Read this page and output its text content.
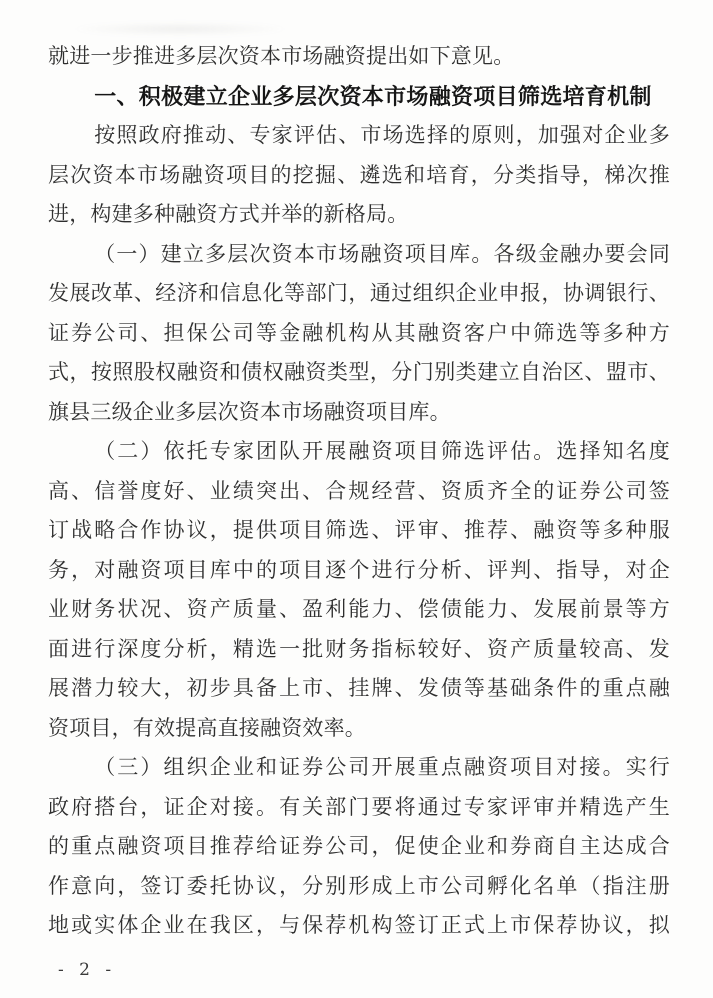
就进一步推进多层次资本市场融资提出如下意见。
一、积极建立企业多层次资本市场融资项目筛选培育机制
按照政府推动、专家评估、市场选择的原则，加强对企业多
层次资本市场融资项目的挖掘、遴选和培育，分类指导，梯次推
进，构建多种融资方式并举的新格局。
（一）建立多层次资本市场融资项目库。各级金融办要会同
发展改革、经济和信息化等部门，通过组织企业申报，协调银行、
证券公司、担保公司等金融机构从其融资客户中筛选等多种方
式，按照股权融资和债权融资类型，分门别类建立自治区、盟市、
旗县三级企业多层次资本市场融资项目库。
（二）依托专家团队开展融资项目筛选评估。选择知名度
高、信誉度好、业绩突出、合规经营、资质齐全的证券公司签
订战略合作协议，提供项目筛选、评审、推荐、融资等多种服
务，对融资项目库中的项目逐个进行分析、评判、指导，对企
业财务状况、资产质量、盈利能力、偿债能力、发展前景等方
面进行深度分析，精选一批财务指标较好、资产质量较高、发
展潜力较大，初步具备上市、挂牌、发债等基础条件的重点融
资项目，有效提高直接融资效率。
（三）组织企业和证券公司开展重点融资项目对接。实行
政府搭台，证企对接。有关部门要将通过专家评审并精选产生
的重点融资项目推荐给证券公司，促使企业和券商自主达成合
作意向，签订委托协议，分别形成上市公司孵化名单（指注册
地或实体企业在我区，与保荐机构签订正式上市保荐协议，拟
- 2 -
